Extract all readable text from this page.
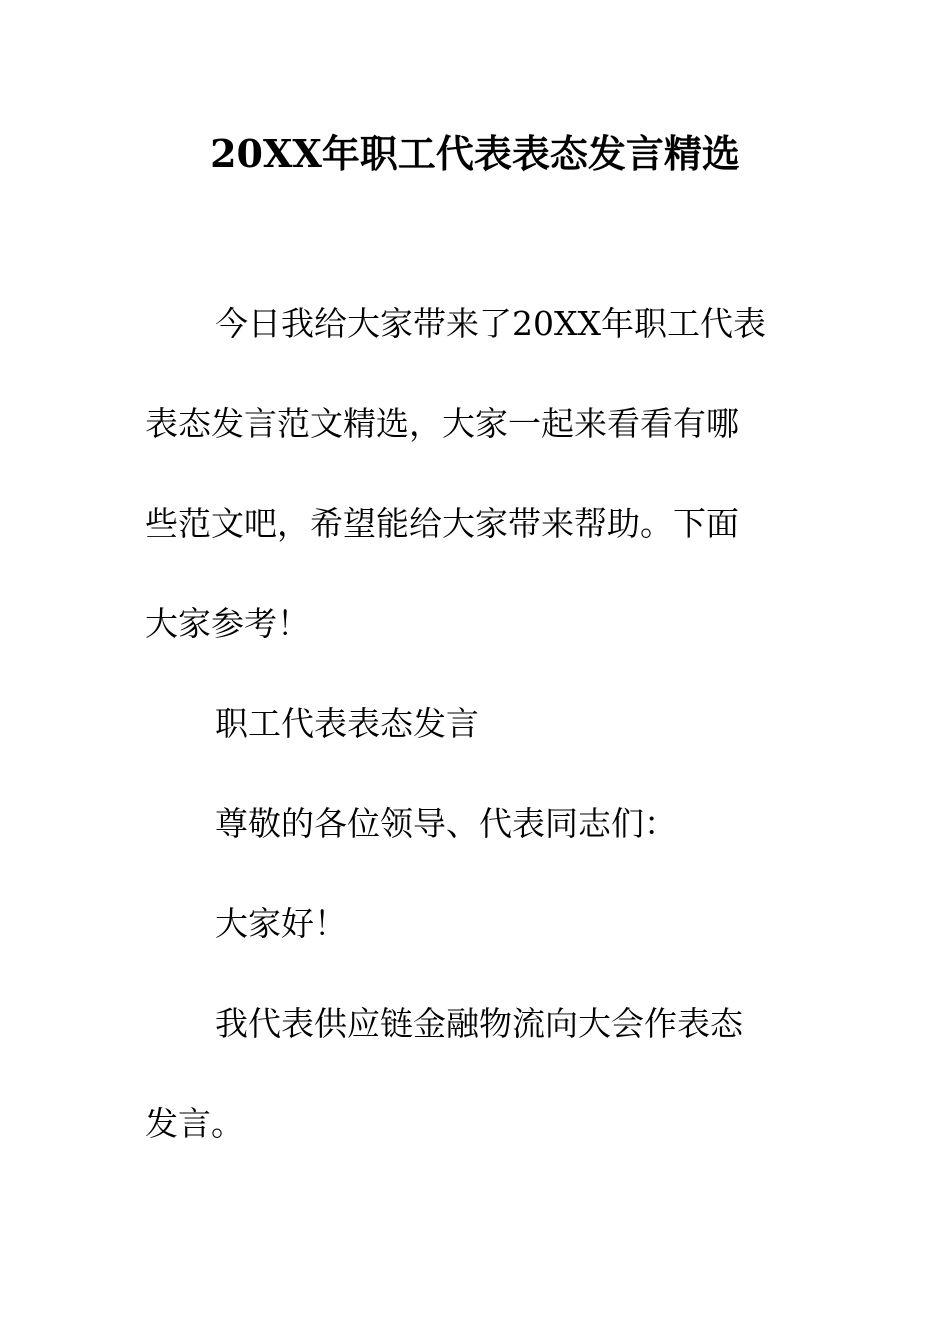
20XX年职工代表表态发言精选
今日我给大家带来了20XX年职工代表
表态发言范文精选，大家一起来看看有哪
些范文吧，希望能给大家带来帮助。下面
大家参考！
职工代表表态发言
尊敬的各位领导、代表同志们：
大家好！
我代表供应链金融物流向大会作表态
发言。
